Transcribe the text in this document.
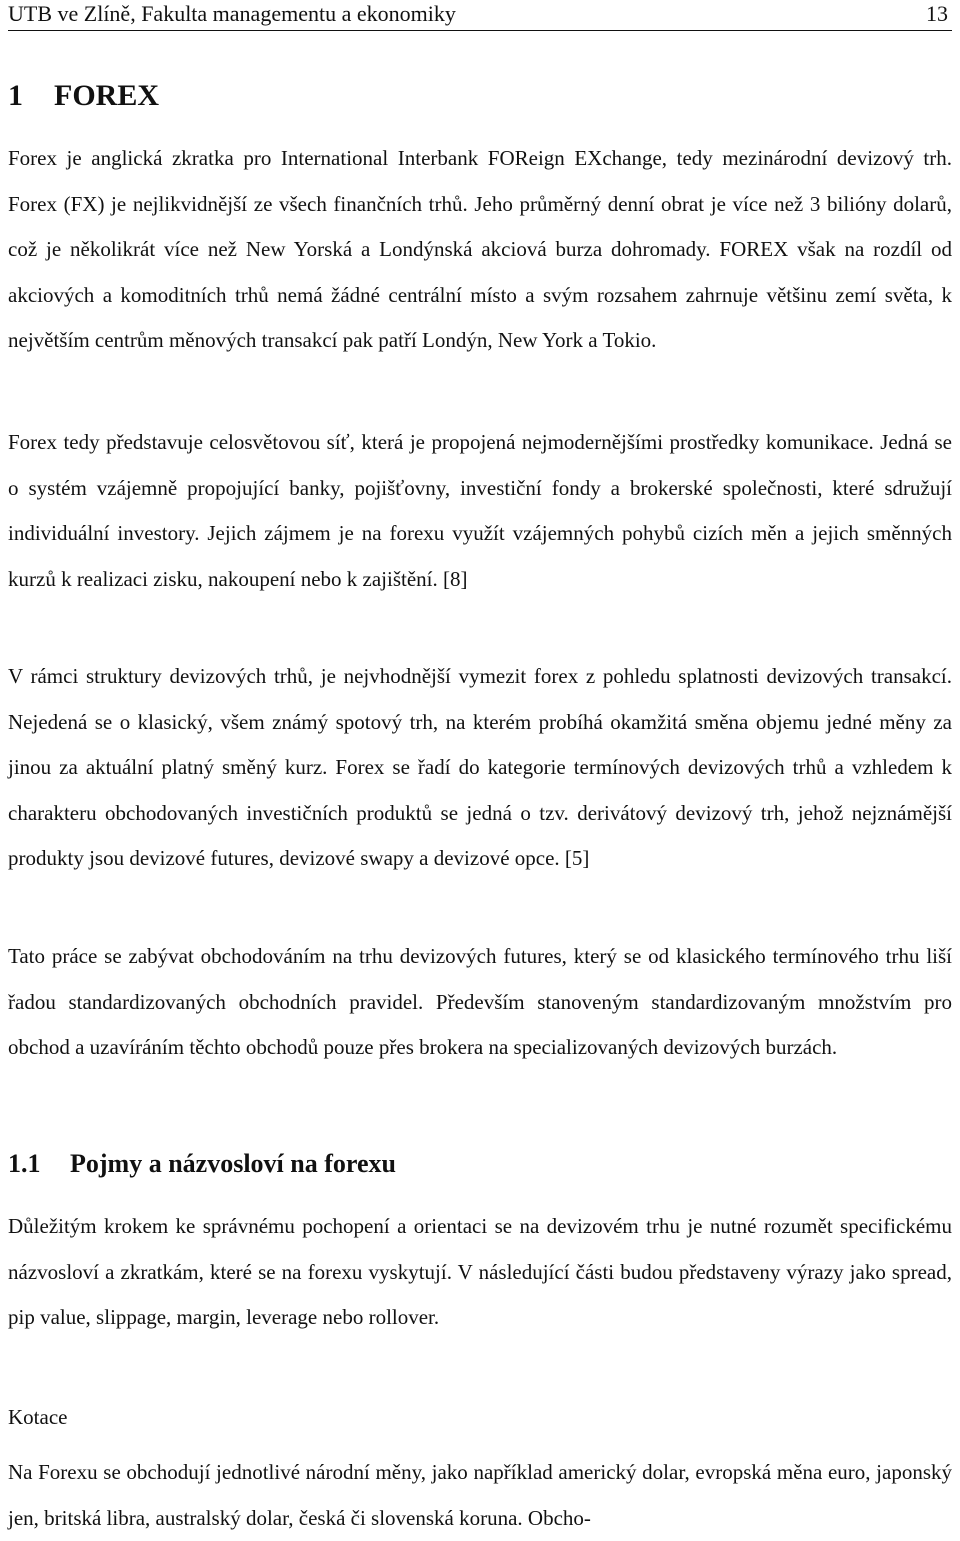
UTB ve Zlíně, Fakulta managementu a ekonomiky	13
1 FOREX

Forex je anglická zkratka pro International Interbank FOReign EXchange, tedy mezinárodní devizový trh. Forex (FX) je nejlikvidnější ze všech finančních trhů. Jeho průměrný denní obrat je více než 3 bilióny dolarů, což je několikrát více než New Yorská a Londýnská akciová burza dohromady. FOREX však na rozdíl od akciových a komoditních trhů nemá žádné centrální místo a svým rozsahem zahrnuje většinu zemí světa, k největším centrům měnových transakcí pak patří Londýn, New York a Tokio.

Forex tedy představuje celosvětovou síť, která je propojená nejmodernějšími prostředky komunikace. Jedná se o systém vzájemně propojující banky, pojišťovny, investiční fondy a brokerské společnosti, které sdružují individuální investory. Jejich zájmem je na forexu využít vzájemných pohybů cizích měn a jejich směnných kurzů k realizaci zisku, nakoupení nebo k zajištění. [8]

V rámci struktury devizových trhů, je nejvhodnější vymezit forex z pohledu splatnosti devizových transakcí. Nejedená se o klasický, všem známý spotový trh, na kterém probíhá okamžitá směna objemu jedné měny za jinou za aktuální platný směný kurz. Forex se řadí do kategorie termínových devizových trhů a vzhledem k charakteru obchodovaných investičních produktů se jedná o tzv. derivátový devizový trh, jehož nejznámější produkty jsou devizové futures, devizové swapy a devizové opce. [5]

Tato práce se zabývat obchodováním na trhu devizových futures, který se od klasického termínového trhu liší řadou standardizovaných obchodních pravidel. Především stanoveným standardizovaným množstvím pro obchod a uzavíráním těchto obchodů pouze přes brokera na specializovaných devizových burzách.

1.1 Pojmy a názvosloví na forexu

Důležitým krokem ke správnému pochopení a orientaci se na devizovém trhu je nutné rozumět specifickému názvosloví a zkratkám, které se na forexu vyskytují. V následující části budou představeny výrazy jako spread, pip value, slippage, margin, leverage nebo rollover.

Kotace

Na Forexu se obchodují jednotlivé národní měny, jako například americký dolar, evropská měna euro, japonský jen, britská libra, australský dolar, česká či slovenská koruna. Obcho-
